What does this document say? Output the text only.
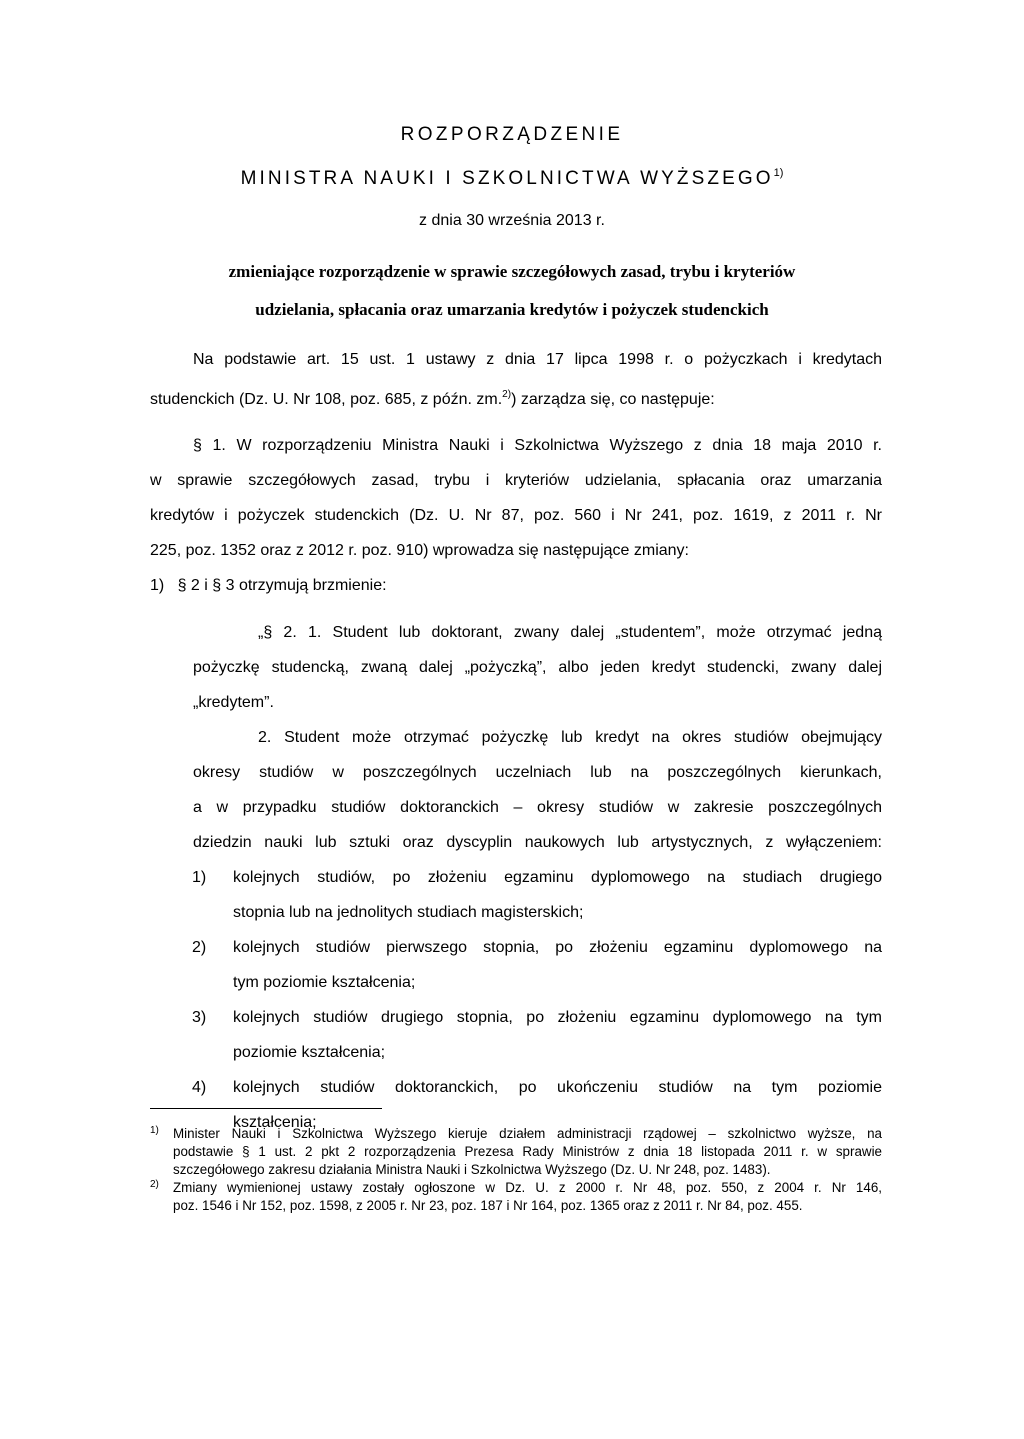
ROZPORZĄDZENIE
MINISTRA NAUKI I SZKOLNICTWA WYŻSZEGO$^{1)}$
z dnia 30 września 2013 r.
zmieniające rozporządzenie w sprawie szczegółowych zasad, trybu i kryteriów
udzielania, spłacania oraz umarzania kredytów i pożyczek studenckich
Na podstawie art. 15 ust. 1 ustawy z dnia 17 lipca 1998 r. o pożyczkach i kredytach
studenckich (Dz. U. Nr 108, poz. 685, z późn. zm.$^{2)}$) zarządza się, co następuje:
§ 1. W rozporządzeniu Ministra Nauki i Szkolnictwa Wyższego z dnia 18 maja 2010 r.
w sprawie szczegółowych zasad, trybu i kryteriów udzielania, spłacania oraz umarzania
kredytów i pożyczek studenckich (Dz. U. Nr 87, poz. 560 i Nr 241, poz. 1619, z 2011 r. Nr
225, poz. 1352 oraz z 2012 r. poz. 910) wprowadza się następujące zmiany:
1)   § 2 i § 3 otrzymują brzmienie:
„§ 2. 1. Student lub doktorant, zwany dalej „studentem”, może otrzymać jedną
pożyczkę studencką, zwaną dalej „pożyczką”, albo jeden kredyt studencki, zwany dalej
„kredytem”.
2. Student może otrzymać pożyczkę lub kredyt na okres studiów obejmujący
okresy studiów w poszczególnych uczelniach lub na poszczególnych kierunkach,
a w przypadku studiów doktoranckich – okresy studiów w zakresie poszczególnych
dziedzin nauki lub sztuki oraz dyscyplin naukowych lub artystycznych, z wyłączeniem:
1) kolejnych studiów, po złożeniu egzaminu dyplomowego na studiach drugiego
stopnia lub na jednolitych studiach magisterskich;
2) kolejnych studiów pierwszego stopnia, po złożeniu egzaminu dyplomowego na
tym poziomie kształcenia;
3) kolejnych studiów drugiego stopnia, po złożeniu egzaminu dyplomowego na tym
poziomie kształcenia;
4) kolejnych studiów doktoranckich, po ukończeniu studiów na tym poziomie
kształcenia;
1) Minister Nauki i Szkolnictwa Wyższego kieruje działem administracji rządowej – szkolnictwo wyższe, na
podstawie § 1 ust. 2 pkt 2 rozporządzenia Prezesa Rady Ministrów z dnia 18 listopada 2011 r. w sprawie
szczegółowego zakresu działania Ministra Nauki i Szkolnictwa Wyższego (Dz. U. Nr 248, poz. 1483).
2) Zmiany wymienionej ustawy zostały ogłoszone w Dz. U. z 2000 r. Nr 48, poz. 550, z 2004 r. Nr 146,
poz. 1546 i Nr 152, poz. 1598, z 2005 r. Nr 23, poz. 187 i Nr 164, poz. 1365 oraz z 2011 r. Nr 84, poz. 455.
